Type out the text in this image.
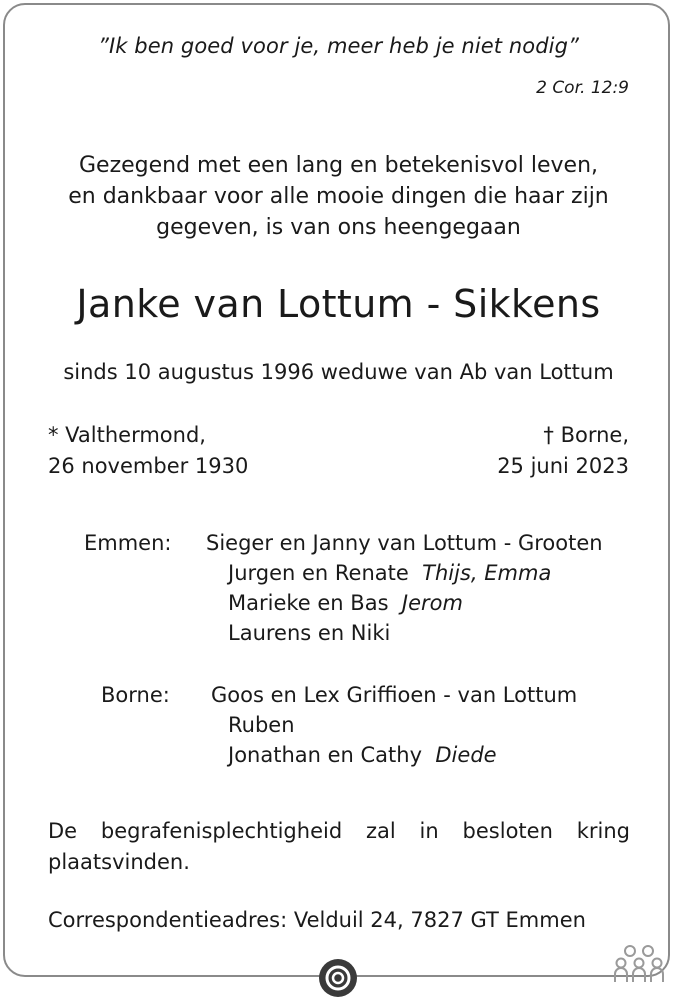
”Ik ben goed voor je, meer heb je niet nodig”
2 Cor. 12:9
Gezegend met een lang en betekenisvol leven,
en dankbaar voor alle mooie dingen die haar zijn
gegeven, is van ons heengegaan
Janke van Lottum - Sikkens
sinds 10 augustus 1996 weduwe van Ab van Lottum
* Valthermond,
26 november 1930
† Borne,
25 juni 2023
Emmen: Sieger en Janny van Lottum - Grooten
Jurgen en Renate Thijs, Emma
Marieke en Bas Jerom
Laurens en Niki
Borne: Goos en Lex Griffioen - van Lottum
Ruben
Jonathan en Cathy Diede
De begrafenisplechtigheid zal in besloten kring plaatsvinden.
Correspondentieadres: Velduil 24, 7827 GT Emmen
